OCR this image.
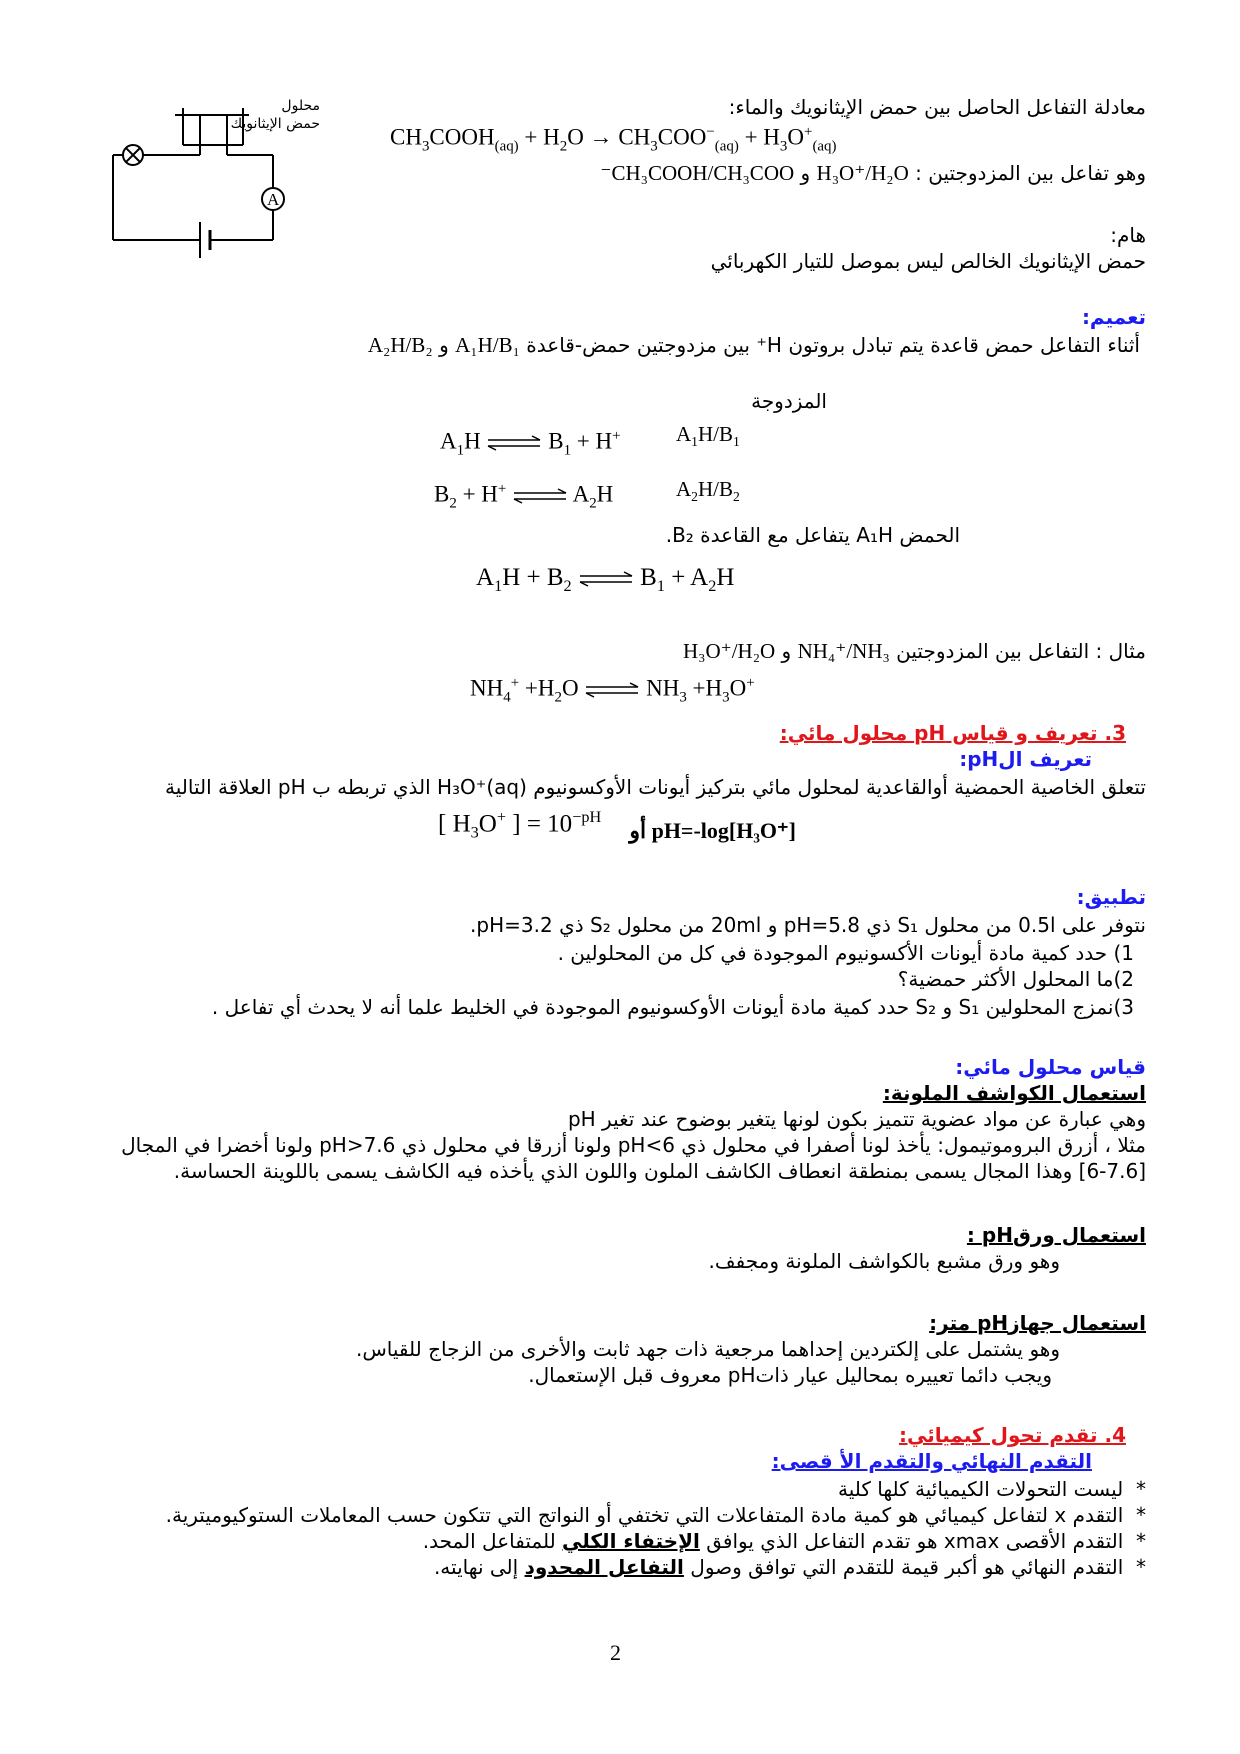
A
محلول
حمض الإيثانويك
معادلة التفاعل الحاصل بين حمض الإيثانويك والماء:
$CH_3COOH_{(aq)} + H_2O \to CH_3COO^-_{(aq)} + H_3O^+_{(aq)}$
وهو تفاعل بين المزدوجتين : H₃O⁺/H₂O و CH₃COOH/CH₃COO⁻
هام:
حمض الإيثانويك الخالص ليس بموصل للتيار الكهربائي
تعميم:
أثناء التفاعل حمض قاعدة يتم تبادل بروتون H⁺ بين مزدوجتين حمض-قاعدة A₁H/B₁ و A₂H/B₂
المزدوجة
$A_1H$ ⇌ $B_1 + H^+$	$A_1H/B_1$
$B_2 + H^+$ ⇌ $A_2H$	$A_2H/B_2$
الحمض A₁H يتفاعل مع القاعدة B₂.
$A_1H + B_2$ ⇌ $B_1 + A_2H$
مثال : التفاعل بين المزدوجتين NH₄⁺/NH₃ و H₃O⁺/H₂O
$NH_4^+ +H_2O$ ⇌ $NH_3 +H_3O^+$
3. تعريف و قياس pH محلول مائي:
تعريف الpH:
تتعلق الخاصية الحمضية أوالقاعدية لمحلول مائي بتركيز أيونات الأوكسونيوم H₃O⁺(aq) الذي تربطه ب pH العلاقة التالية
[ $H_3O^+$ ] = $10^{-pH}$
pH=-log[H₃O⁺] أو
تطبيق:
نتوفر على 0.5l من محلول S₁ ذي pH=5.8 و 20ml من محلول S₂ ذي pH=3.2.
1) حدد كمية مادة أيونات الأكسونيوم الموجودة في كل من المحلولين .
2)ما المحلول الأكثر حمضية؟
3)نمزج المحلولين S₁ و S₂ حدد كمية مادة أيونات الأوكسونيوم الموجودة في الخليط علما أنه لا يحدث أي تفاعل .
قياس محلول مائي:
استعمال الكواشف الملونة:
وهي عبارة عن مواد عضوية تتميز بكون لونها يتغير بوضوح عند تغير pH
مثلا ، أزرق البروموتيمول: يأخذ لونا أصفرا في محلول ذي pH<6 ولونا أزرقا في محلول ذي pH>7.6 ولونا أخضرا في المجال
[6-7.6] وهذا المجال يسمى بمنطقة انعطاف الكاشف الملون واللون الذي يأخذه فيه الكاشف يسمى باللوينة الحساسة.
استعمال ورقpH :
وهو ورق مشبع بالكواشف الملونة ومجفف.
استعمال جهازpH متر:
وهو يشتمل على إلكتردين إحداهما مرجعية ذات جهد ثابت والأخرى من الزجاج للقياس.
ويجب دائما تعييره بمحاليل عيار ذاتpH معروف قبل الإستعمال.
4. تقدم تحول كيميائي:
التقدم النهائي والتقدم الأ قصى:
*  ليست التحولات الكيميائية كلها كلية
*  التقدم x لتفاعل كيميائي هو كمية مادة المتفاعلات التي تختفي أو النواتج التي تتكون حسب المعاملات الستوكيوميترية.
*  التقدم الأقصى xmax هو تقدم التفاعل الذي يوافق الإختفاء الكلي للمتفاعل المحد.
*  التقدم النهائي هو أكبر قيمة للتقدم التي توافق وصول التفاعل المحدود إلى نهايته.
2
